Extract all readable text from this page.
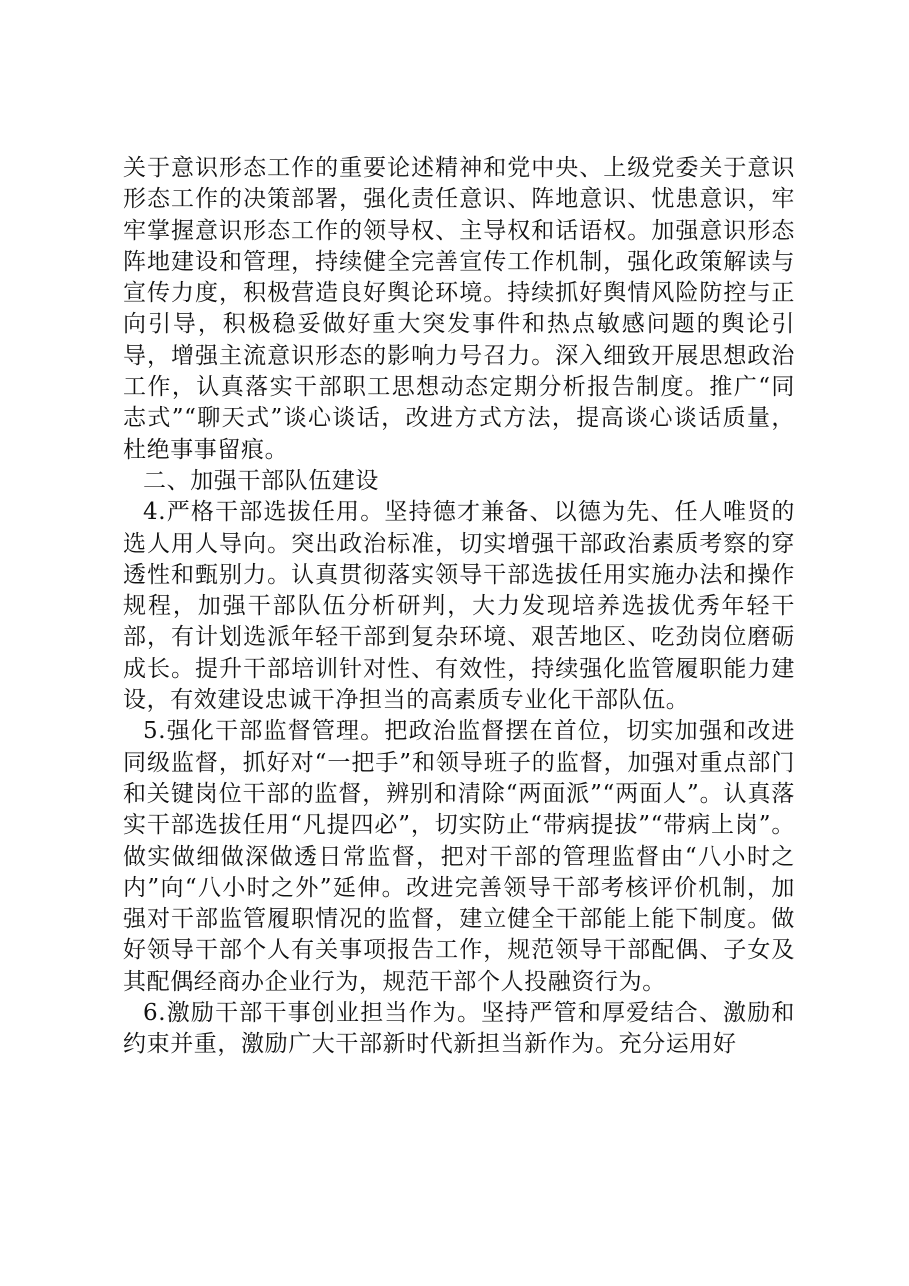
关于意识形态工作的重要论述精神和党中央、上级党委关于意识形态工作的决策部署，强化责任意识、阵地意识、忧患意识，牢牢掌握意识形态工作的领导权、主导权和话语权。加强意识形态阵地建设和管理，持续健全完善宣传工作机制，强化政策解读与宣传力度，积极营造良好舆论环境。持续抓好舆情风险防控与正向引导，积极稳妥做好重大突发事件和热点敏感问题的舆论引导，增强主流意识形态的影响力号召力。深入细致开展思想政治工作，认真落实干部职工思想动态定期分析报告制度。推广“同志式”“聊天式”谈心谈话，改进方式方法，提高谈心谈话质量，杜绝事事留痕。

二、加强干部队伍建设

4.严格干部选拔任用。坚持德才兼备、以德为先、任人唯贤的选人用人导向。突出政治标准，切实增强干部政治素质考察的穿透性和甄别力。认真贯彻落实领导干部选拔任用实施办法和操作规程，加强干部队伍分析研判，大力发现培养选拔优秀年轻干部，有计划选派年轻干部到复杂环境、艰苦地区、吃劲岗位磨砺成长。提升干部培训针对性、有效性，持续强化监管履职能力建设，有效建设忠诚干净担当的高素质专业化干部队伍。

5.强化干部监督管理。把政治监督摆在首位，切实加强和改进同级监督，抓好对“一把手”和领导班子的监督，加强对重点部门和关键岗位干部的监督，辨别和清除“两面派”“两面人”。认真落实干部选拔任用“凡提四必”，切实防止“带病提拔”“带病上岗”。做实做细做深做透日常监督，把对干部的管理监督由“八小时之内”向“八小时之外”延伸。改进完善领导干部考核评价机制，加强对干部监管履职情况的监督，建立健全干部能上能下制度。做好领导干部个人有关事项报告工作，规范领导干部配偶、子女及其配偶经商办企业行为，规范干部个人投融资行为。

6.激励干部干事创业担当作为。坚持严管和厚爱结合、激励和约束并重，激励广大干部新时代新担当新作为。充分运用好
